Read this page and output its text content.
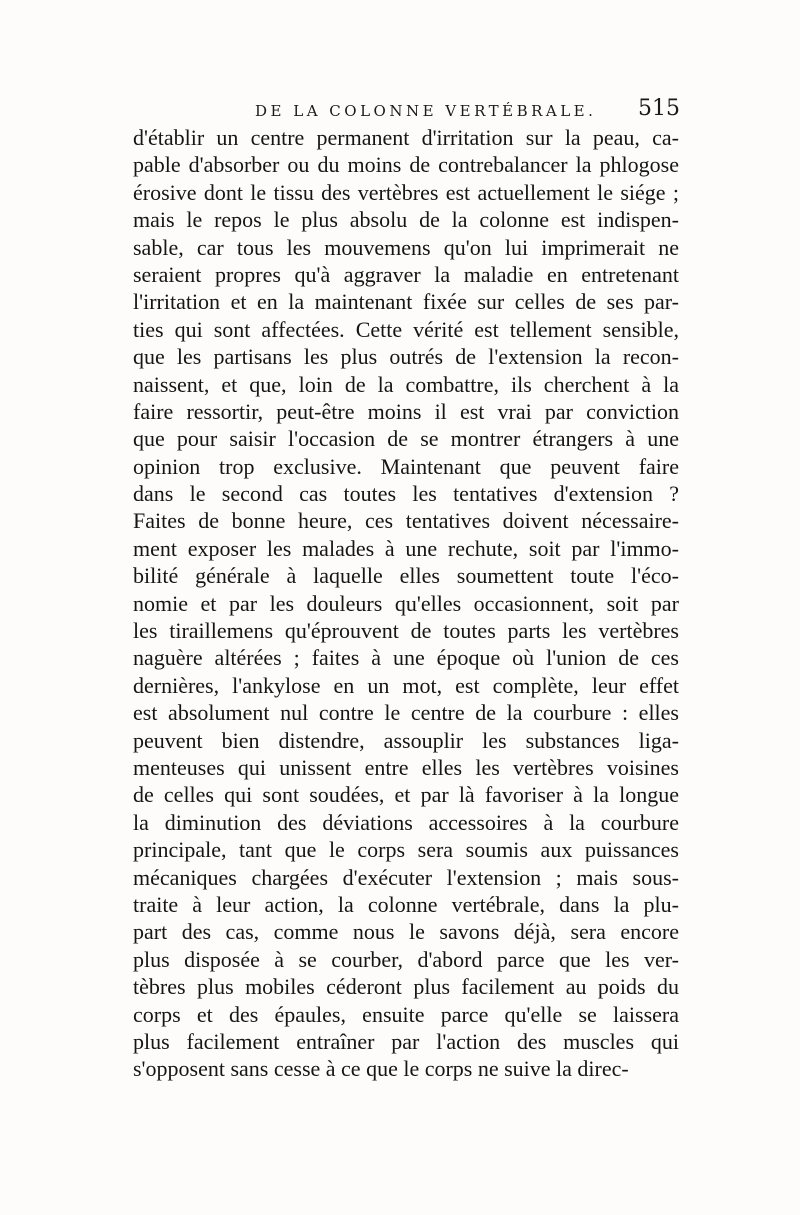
DE LA COLONNE VERTÉBRALE. 515
d'établir un centre permanent d'irritation sur la peau, ca-
pable d'absorber ou du moins de contrebalancer la phlogose
érosive dont le tissu des vertèbres est actuellement le siége ;
mais le repos le plus absolu de la colonne est indispen-
sable, car tous les mouvemens qu'on lui imprimerait ne
seraient propres qu'à aggraver la maladie en entretenant
l'irritation et en la maintenant fixée sur celles de ses par-
ties qui sont affectées. Cette vérité est tellement sensible,
que les partisans les plus outrés de l'extension la recon-
naissent, et que, loin de la combattre, ils cherchent à la
faire ressortir, peut-être moins il est vrai par conviction
que pour saisir l'occasion de se montrer étrangers à une
opinion trop exclusive. Maintenant que peuvent faire
dans le second cas toutes les tentatives d'extension ?
Faites de bonne heure, ces tentatives doivent nécessaire-
ment exposer les malades à une rechute, soit par l'immo-
bilité générale à laquelle elles soumettent toute l'éco-
nomie et par les douleurs qu'elles occasionnent, soit par
les tiraillemens qu'éprouvent de toutes parts les vertèbres
naguère altérées ; faites à une époque où l'union de ces
dernières, l'ankylose en un mot, est complète, leur effet
est absolument nul contre le centre de la courbure : elles
peuvent bien distendre, assouplir les substances liga-
menteuses qui unissent entre elles les vertèbres voisines
de celles qui sont soudées, et par là favoriser à la longue
la diminution des déviations accessoires à la courbure
principale, tant que le corps sera soumis aux puissances
mécaniques chargées d'exécuter l'extension ; mais sous-
traite à leur action, la colonne vertébrale, dans la plu-
part des cas, comme nous le savons déjà, sera encore
plus disposée à se courber, d'abord parce que les ver-
tèbres plus mobiles céderont plus facilement au poids du
corps et des épaules, ensuite parce qu'elle se laissera
plus facilement entraîner par l'action des muscles qui
s'opposent sans cesse à ce que le corps ne suive la direc-
